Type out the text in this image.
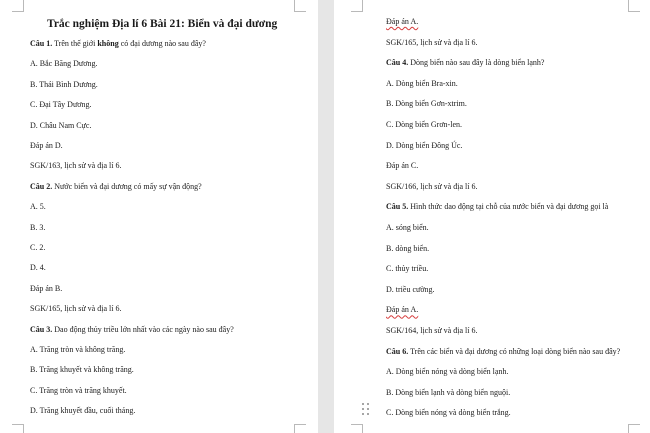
Trắc nghiệm Địa lí 6 Bài 21: Biển và đại dương
Câu 1. Trên thế giới không có đại dương nào sau đây?
A. Bắc Băng Dương.
B. Thái Bình Dương.
C. Đại Tây Dương.
D. Châu Nam Cực.
Đáp án D.
SGK/163, lịch sử và địa lí 6.
Câu 2. Nước biển và đại dương có mấy sự vận động?
A. 5.
B. 3.
C. 2.
D. 4.
Đáp án B.
SGK/165, lịch sử và địa lí 6.
Câu 3. Dao động thủy triều lớn nhất vào các ngày nào sau đây?
A. Trăng tròn và không trăng.
B. Trăng khuyết và không trăng.
C. Trăng tròn và trăng khuyết.
D. Trăng khuyết đầu, cuối tháng.
Đáp án A.
SGK/165, lịch sử và địa lí 6.
Câu 4. Dòng biển nào sau đây là dòng biển lạnh?
A. Dòng biển Bra-xin.
B. Dòng biển Gơn-xtrim.
C. Dòng biển Grơn-len.
D. Dòng biển Đông Úc.
Đáp án C.
SGK/166, lịch sử và địa lí 6.
Câu 5. Hình thức dao động tại chỗ của nước biển và đại dương gọi là
A. sóng biển.
B. dòng biển.
C. thủy triều.
D. triều cường.
Đáp án A.
SGK/164, lịch sử và địa lí 6.
Câu 6. Trên các biển và đại dương có những loại dòng biển nào sau đây?
A. Dòng biển nóng và dòng biển lạnh.
B. Dòng biển lạnh và dòng biển nguội.
C. Dòng biển nóng và dòng biển trắng.
